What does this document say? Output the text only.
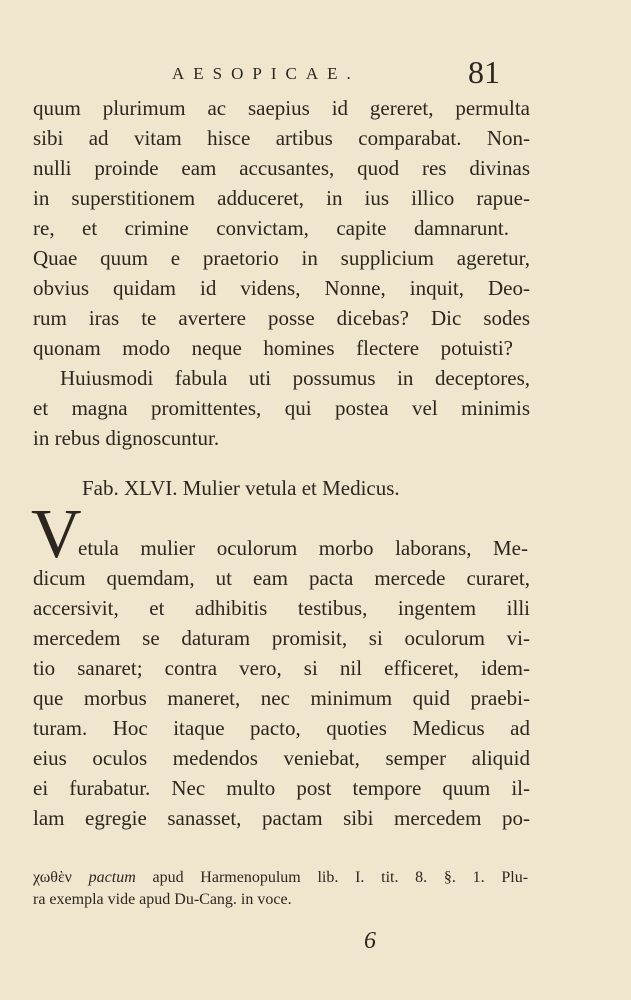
AESOPICAE.	81
quum plurimum ac saepius id gereret, permulta
sibi ad vitam hisce artibus comparabat. Non-
nulli proinde eam accusantes, quod res divinas
in superstitionem adduceret, in ius illico rapue-
re, et crimine convictam, capite damnarunt.
Quae quum e praetorio in supplicium ageretur,
obvius quidam id videns, Nonne, inquit, Deo-
rum iras te avertere posse dicebas? Dic sodes
quonam modo neque homines flectere potuisti?
Huiusmodi fabula uti possumus in deceptores,
et magna promittentes, qui postea vel minimis
in rebus dignoscuntur.
Fab. XLVI. Mulier vetula et Medicus.
V
etula mulier oculorum morbo laborans, Me-
dicum quemdam, ut eam pacta mercede curaret,
accersivit, et adhibitis testibus, ingentem illi
mercedem se daturam promisit, si oculorum vi-
tio sanaret; contra vero, si nil efficeret, idem-
que morbus maneret, nec minimum quid praebi-
turam. Hoc itaque pacto, quoties Medicus ad
eius oculos medendos veniebat, semper aliquid
ei furabatur. Nec multo post tempore quum il-
lam egregie sanasset, pactam sibi mercedem po-
χωθὲν pactum apud Harmenopulum lib. I. tit. 8. §. 1. Plu-
ra exempla vide apud Du-Cang. in voce.
6
